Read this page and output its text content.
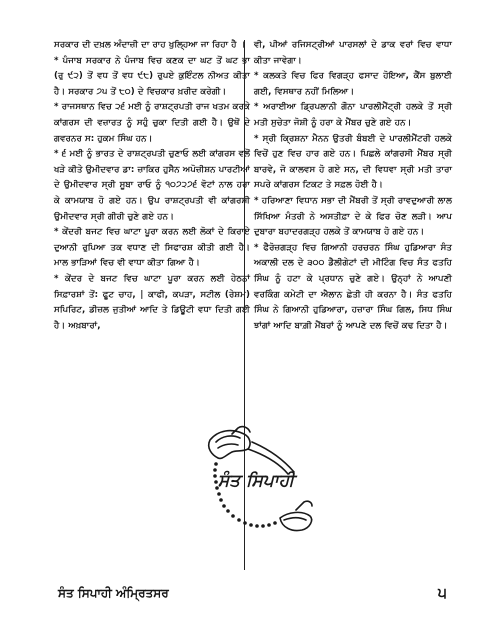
ਸਰਕਾਰ ਦੀ ਦਖ਼ਲ ਅੰਦਾਜ਼ੀ ਦਾ ਰਾਹ ਖੁਲ੍ਹਿਆ ਜਾ ਰਿਹਾ ਹੈ ।

* ਪੰਜਾਬ ਸਰਕਾਰ ਨੇ ਪੰਜਾਬ ਵਿਚ ਕਣਕ ਦਾ ਘਟ ਤੋਂ ਘਟ ਭਾ (ਰੁ ੯੨) ਤੋਂ ਵਧ ਤੋਂ ਵਧ ੯੮) ਰੁਪਏ ਕੁਇੰਟਲ ਨੀਅਤ ਕੀਤਾ ਹੈ। ਸਰਕਾਰ ੭੫ ਤੋਂ ੮੦) ਦੇ ਵਿਚਕਾਰ ਖ਼ਰੀਦ ਕਰੇਗੀ।

* ਰਾਜਸਥਾਨ ਵਿਚ ੨੬ ਮਈ ਨੂੰ ਰਾਸ਼ਟ੍ਰਪਤੀ ਰਾਜ ਖਤਮ ਕਰਕੇ ਕਾਂਗਰਸ ਦੀ ਵਜ਼ਾਰਤ ਨੂੰ ਸਹੁੰ ਚੁਕਾ ਦਿਤੀ ਗਈ ਹੈ। ਉਥੋਂ ਦੇ ਗਵਰਨਰ ਸ: ਹੁਕਮ ਸਿੰਘ ਹਨ।

* ੬ ਮਈ ਨੂੰ ਭਾਰਤ ਦੇ ਰਾਸ਼ਟ੍ਰਪਤੀ ਚੁਣਾਓ ਲਈ ਕਾਂਗਰਸ ਵਲੋਂ ਖੜੇ ਕੀਤੇ ਉਮੀਦਵਾਰ ਡਾ: ਜ਼ਾਕਿਰ ਹੁਸੈਨ ਅਪੋਜ਼ੀਸ਼ਨ ਪਾਰਟੀਆਂ ਦੇ ਉਮੀਦਵਾਰ ਸ੍ਰੀ ਸੂਬਾ ਰਾਓ ਨੂੰ ੧੦੭੨੭੬ ਵੋਟਾਂ ਨਾਲ ਹਰਾ ਕੇ ਕਾਮਯਾਬ ਹੋ ਗਏ ਹਨ। ਉਪ ਰਾਸ਼ਟ੍ਰਪਤੀ ਵੀ ਕਾਂਗਰਸੀ ਉਮੀਦਵਾਰ ਸ੍ਰੀ ਗੀਰੀ ਚੁਣੇ ਗਏ ਹਨ।

* ਕੇਂਦਰੀ ਬਜਟ ਵਿਚ ਘਾਟਾ ਪੂਰਾ ਕਰਨ ਲਈ ਲੋਕਾਂ ਦੇ ਕਿਰਾਏ ਦੁਆਨੀ ਰੁਪਿਆ ਤਕ ਵਧਾਣ ਦੀ ਸਿਫਾਰਸ਼ ਕੀਤੀ ਗਈ ਹੈ। ਮਾਲ ਭਾੜਿਆਂ ਵਿਚ ਵੀ ਵਾਧਾ ਕੀਤਾ ਗਿਆ ਹੈ।

* ਕੇਂਦਰ ਦੇ ਬਜਟ ਵਿਚ ਘਾਟਾ ਪੂਰਾ ਕਰਨ ਲਈ ਹੇਠਨਾਂ ਸਿਫ਼ਾਰਸ਼ਾਂ ਤੋਂ: ਫੂਟ ਚਾਹ, | ਕਾਫੀ, ਕਪੜਾ, ਸਟੀਲ (ਰੇਸ਼ਮ) ਸਪਿਰਿਟ, ਡੀਜ਼ਲ ਜੁਤੀਆਂ ਆਦਿ ਤੇ ਡਿਊਟੀ ਵਧਾ ਦਿਤੀ ਗਈ ਹੈ। ਅਖ਼ਬਾਰਾਂ,

ਵੀ, ਪੀਆਂ ਰਜਿਸਟ੍ਰੀਆਂ ਪਾਰਸਲਾਂ ਦੇ ਡਾਕ ਵਰਾਂ ਵਿਚ ਵਾਧਾ ਕੀਤਾ ਜਾਵੇਗਾ।

* ਕਲਕਤੇ ਵਿਚ ਫਿਰ ਵਿਗੜ੍ਹ ਫਸਾਦ ਹੋਇਆ, ਕੈਂਸ ਬੁਲਾਈ ਗਈ, ਵਿਸਥਾਰ ਨਹੀਂ ਮਿਲਿਆ।

* ਅਰਾਈਆ ਡ੍ਰਿਪਲਾਨੀ ਗੌਨਾ ਪਾਰਲੀਮੈਂਟ੍ਰੀ ਹਲਕੇ ਤੋਂ ਸ੍ਰੀ ਮਤੀ ਸੁਚੇਤਾ ਜੋਸ਼ੀ ਨੂੰ ਹਰਾ ਕੇ ਮੈਂਬਰ ਚੁਣੇ ਗਏ ਹਨ।

* ਸ੍ਰੀ ਕ੍ਰਿਸ਼ਨਾ ਮੈਨਨ ਉਤਰੀ ਬੰਬਈ ਦੇ ਪਾਰਲੀਮੈਂਟਰੀ ਹਲਕੇ ਵਿਚੋਂ ਹੁਣ ਵਿਚ ਹਾਰ ਗਏ ਹਨ। ਪਿਛਲੇ ਕਾਂਗਰਸੀ ਮੈਂਬਰ ਸ੍ਰੀ ਬਾਰਵੇ, ਜੋ ਕਾਲਵਸ ਹੋ ਗਏ ਸਨ, ਦੀ ਵਿਧਵਾ ਸ੍ਰੀ ਮਤੀ ਤਾਰਾ ਸਪਰੇ ਕਾਂਗਰਸ ਟਿਕਟ ਤੇ ਸਫ਼ਲ ਹੋਈ ਹੈ।

* ਹਰਿਆਣਾ ਵਿਧਾਨ ਸਭਾ ਦੀ ਮੈਂਬਰੀ ਤੋਂ ਸ੍ਰੀ ਰਾਵਦੁਆਰੀ ਲਾਲ ਸਿੱਖਿਆ ਮੰਤਰੀ ਨੇ ਅਸਤੀਫ਼ਾ ਦੇ ਕੇ ਫਿਰ ਚੋਣ ਲੜੀ। ਆਪ ਦੁਬਾਰਾ ਬਹਾਦਰਗੜ੍ਹ ਹਲਕੇ ਤੋਂ ਕਾਮਯਾਬ ਹੋ ਗਏ ਹਨ।

* ਫੈਰੋਜ਼ਗੜ੍ਹ ਵਿਚ ਗਿਆਨੀ ਹਰਚਰਨ ਸਿੰਘ ਹੁਡਿਆਰਾ ਸੰਤ ਅਕਾਲੀ ਦਲ ਦੇ ੩੦੦ ਡੈਲੀਗੇਟਾਂ ਦੀ ਮੀਟਿੰਗ ਵਿਚ ਸੰਤ ਫਤਹਿ ਸਿੰਘ ਨੂੰ ਹਟਾ ਕੇ ਪ੍ਰਧਾਨ ਚੁਣੇ ਗਏ। ਉਨ੍ਹਾਂ ਨੇ ਆਪਣੀ ਵਰਕਿੰਗ ਕਮੇਟੀ ਦਾ ਐਲਾਨ ਛੇਤੀ ਹੀ ਕਰਨਾ ਹੈ। ਸੰਤ ਫਤਹਿ ਸਿੰਘ ਨੇ ਗਿਆਨੀ ਹੁਡਿਆਰਾ, ਹਜ਼ਾਰਾ ਸਿੰਘ ਗਿਲ, ਸਿਧ ਸਿੰਘ ਝਾਂਗਾਂ ਆਦਿ ਬਾਗ਼ੀ ਮੈਂਬਰਾਂ ਨੂੰ ਆਪਣੇ ਦਲ ਵਿਚੋਂ ਕਢ ਦਿਤਾ ਹੈ।

ਸੰਤ ਸਿਪਾਹੀ
ਸੰਤ ਸਿਪਾਹੀ ਅੰਮ੍ਰਿਤਸਰ	੫
